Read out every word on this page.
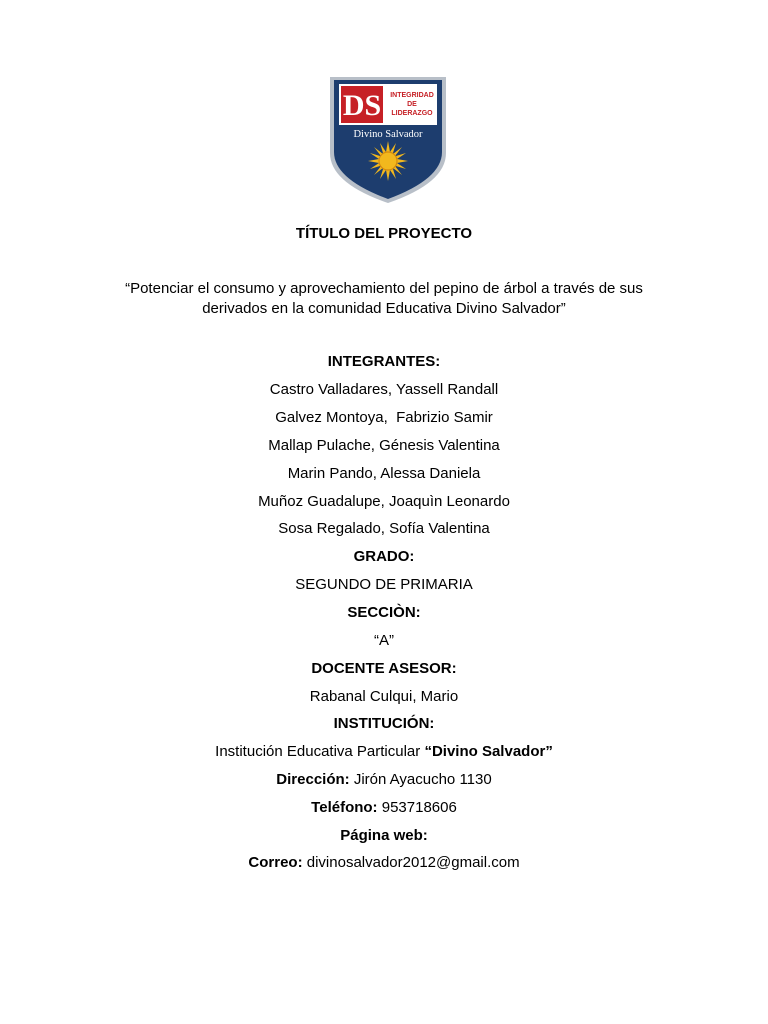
DS INTEGRIDAD
DE
LIDERAZGO
Divino Salvador
TÍTULO DEL PROYECTO
“Potenciar el consumo y aprovechamiento del pepino de árbol a través de sus derivados en la comunidad Educativa Divino Salvador”
INTEGRANTES:
Castro Valladares, Yassell Randall
Galvez Montoya,  Fabrizio Samir
Mallap Pulache, Génesis Valentina
Marin Pando, Alessa Daniela
Muñoz Guadalupe, Joaquìn Leonardo
Sosa Regalado, Sofía Valentina
GRADO:
SEGUNDO DE PRIMARIA
SECCIÒN:
“A”
DOCENTE ASESOR:
Rabanal Culqui, Mario
INSTITUCIÓN:
Institución Educativa Particular “Divino Salvador”
Dirección: Jirón Ayacucho 1130
Teléfono: 953718606
Página web:
Correo: divinosalvador2012@gmail.com
